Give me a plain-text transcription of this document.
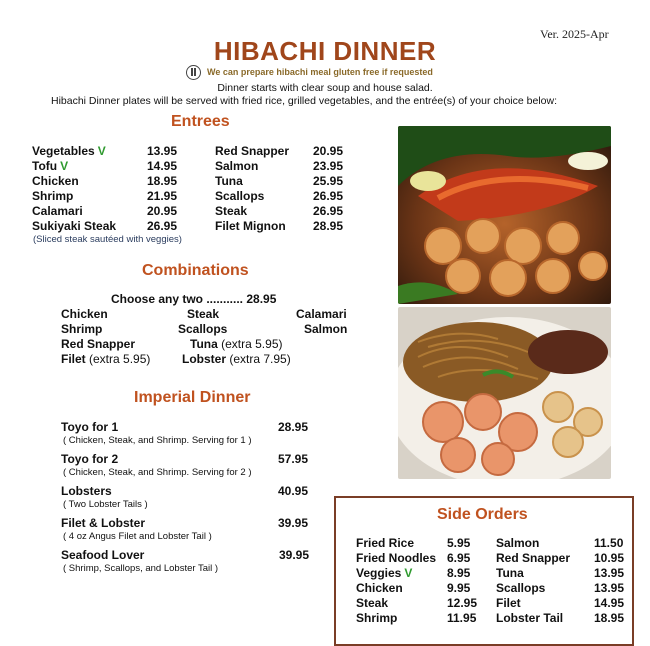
Ver. 2025-Apr
HIBACHI DINNER
We can prepare hibachi meal gluten free if requested
Dinner starts with clear soup and house salad.
Hibachi Dinner plates will be served with fried rice, grilled vegetables, and the entrée(s) of your choice below:
Entrees
Vegetables V	13.95
Tofu V	14.95
Chicken	18.95
Shrimp	21.95
Calamari	20.95
Sukiyaki Steak	26.95
Red Snapper 20.95
Salmon	23.95
Tuna	25.95
Scallops	26.95
Steak	26.95
Filet Mignon 28.95
(Sliced steak sautéed with veggies)
Combinations
Choose any two ........... 28.95
Chicken	Steak	Calamari
Shrimp	Scallops	Salmon
Red Snapper	Tuna (extra 5.95)
Filet (extra 5.95)	Lobster (extra 7.95)
Imperial Dinner
Toyo for 1	28.95
( Chicken, Steak, and Shrimp. Serving for 1 )
Toyo for 2	57.95
( Chicken, Steak, and Shrimp. Serving for 2 )
Lobsters	40.95
( Two Lobster Tails )
Filet & Lobster	39.95
( 4 oz Angus Filet and Lobster Tail )
Seafood Lover	39.95
( Shrimp, Scallops, and Lobster Tail )
Side Orders
Fried Rice	5.95
Fried Noodles 6.95
Veggies V	8.95
Chicken	9.95
Steak	12.95
Shrimp	11.95
Salmon	11.50
Red Snapper 10.95
Tuna	13.95
Scallops	13.95
Filet	14.95
Lobster Tail	18.95
